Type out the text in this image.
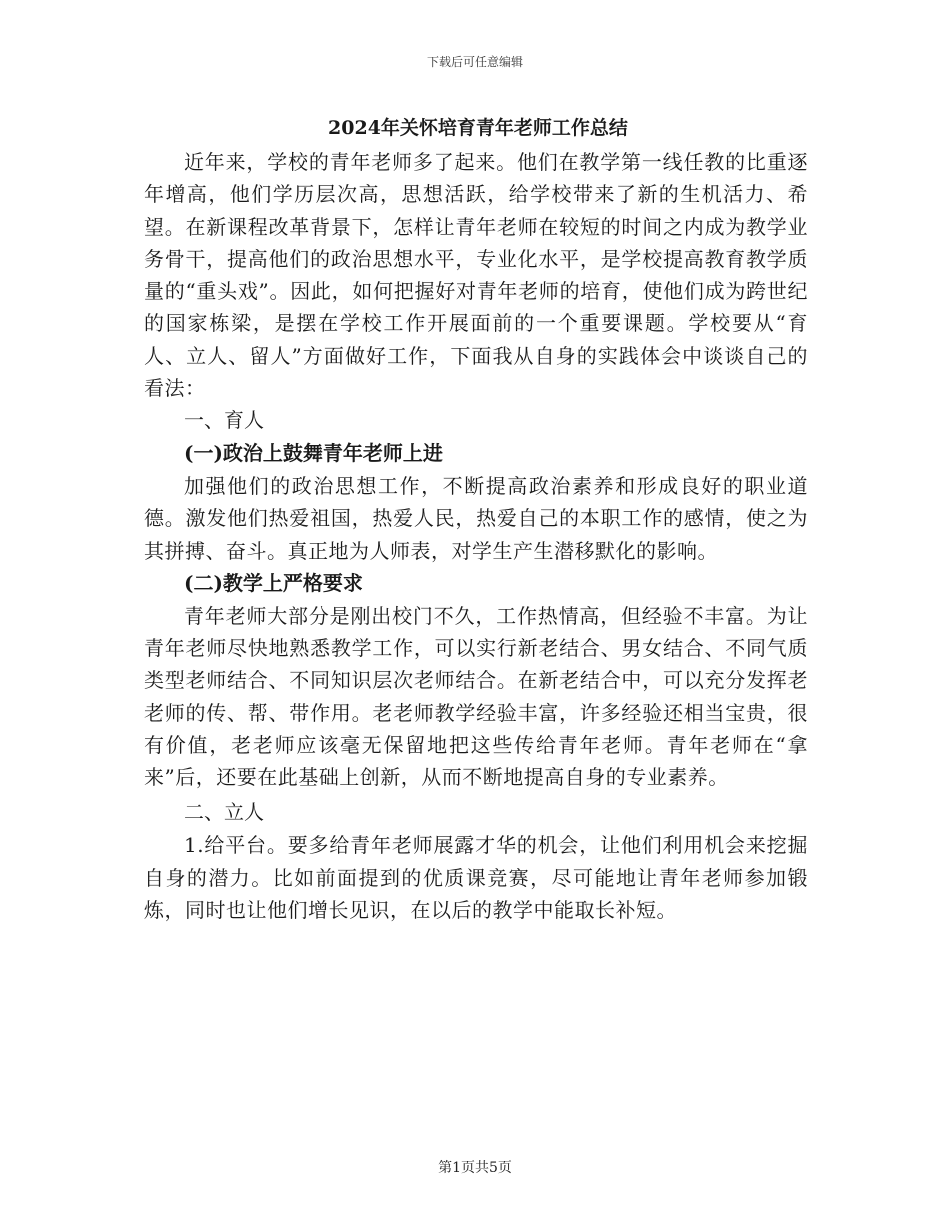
下载后可任意编辑
2024年关怀培育青年老师工作总结

近年来，学校的青年老师多了起来。他们在教学第一线任教的比重逐年增高，他们学历层次高，思想活跃，给学校带来了新的生机活力、希望。在新课程改革背景下，怎样让青年老师在较短的时间之内成为教学业务骨干，提高他们的政治思想水平，专业化水平，是学校提高教育教学质量的“重头戏”。因此，如何把握好对青年老师的培育，使他们成为跨世纪的国家栋梁，是摆在学校工作开展面前的一个重要课题。学校要从“育人、立人、留人”方面做好工作，下面我从自身的实践体会中谈谈自己的看法：

一、育人
(一)政治上鼓舞青年老师上进

加强他们的政治思想工作，不断提高政治素养和形成良好的职业道德。激发他们热爱祖国，热爱人民，热爱自己的本职工作的感情，使之为其拼搏、奋斗。真正地为人师表，对学生产生潜移默化的影响。

(二)教学上严格要求

青年老师大部分是刚出校门不久，工作热情高，但经验不丰富。为让青年老师尽快地熟悉教学工作，可以实行新老结合、男女结合、不同气质类型老师结合、不同知识层次老师结合。在新老结合中，可以充分发挥老老师的传、帮、带作用。老老师教学经验丰富，许多经验还相当宝贵，很有价值，老老师应该毫无保留地把这些传给青年老师。青年老师在“拿来”后，还要在此基础上创新，从而不断地提高自身的专业素养。

二、立人

1.给平台。要多给青年老师展露才华的机会，让他们利用机会来挖掘自身的潜力。比如前面提到的优质课竞赛，尽可能地让青年老师参加锻炼，同时也让他们增长见识，在以后的教学中能取长补短。

第1页共5页
